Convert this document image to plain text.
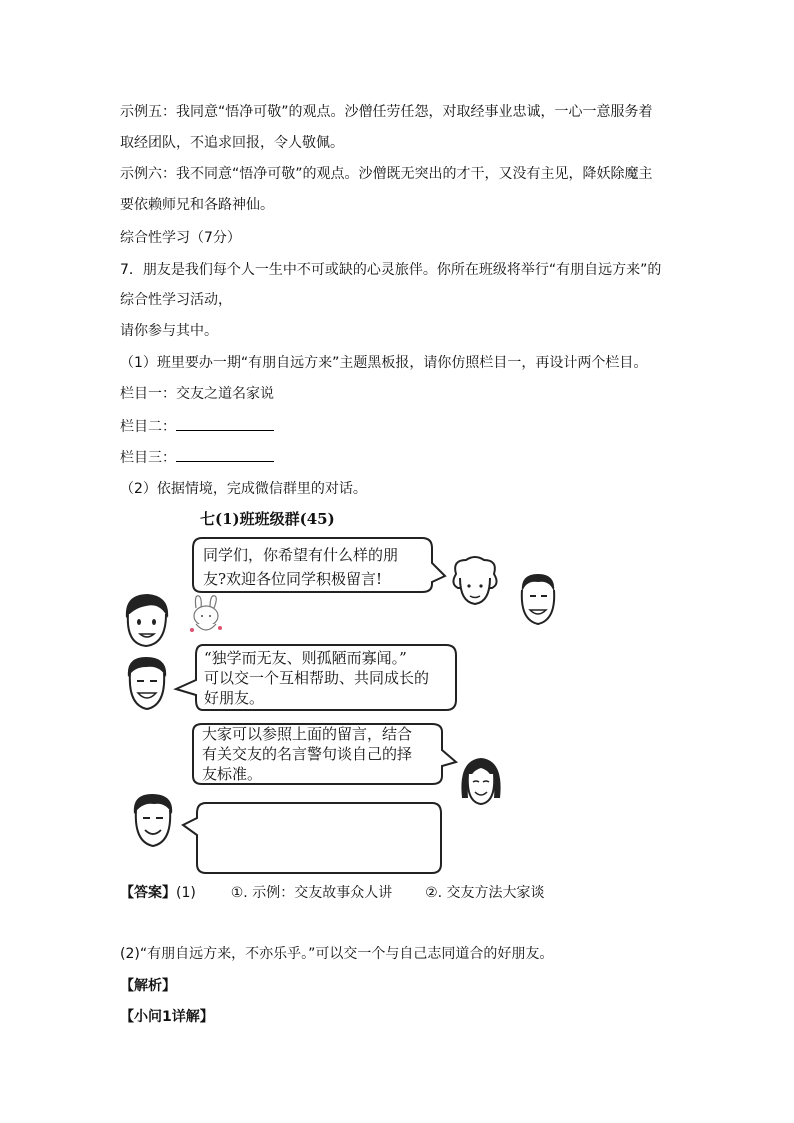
示例五：我同意“悟净可敬”的观点。沙僧任劳任怨，对取经事业忠诚，一心一意服务着
取经团队，不追求回报，令人敬佩。
示例六：我不同意“悟净可敬”的观点。沙僧既无突出的才干，又没有主见，降妖除魔主
要依赖师兄和各路神仙。
综合性学习（7分）
7．朋友是我们每个人一生中不可或缺的心灵旅伴。你所在班级将举行“有朋自远方来”的
综合性学习活动，
请你参与其中。
（1）班里要办一期“有朋自远方来”主题黑板报，请你仿照栏目一，再设计两个栏目。
栏目一：交友之道名家说
栏目二：
栏目三：
（2）依据情境，完成微信群里的对话。
七(1)班班级群(45)
同学们，你希望有什么样的朋
友?欢迎各位同学积极留言!
“独学而无友、则孤陋而寡闻。”
可以交一个互相帮助、共同成长的
好朋友。
大家可以参照上面的留言，结合
有关交友的名言警句谈自己的择
友标准。
【答案】(1) ①. 示例：交友故事众人讲 ②. 交友方法大家谈
(2)“有朋自远方来，不亦乐乎。”可以交一个与自己志同道合的好朋友。
【解析】
【小问1详解】
